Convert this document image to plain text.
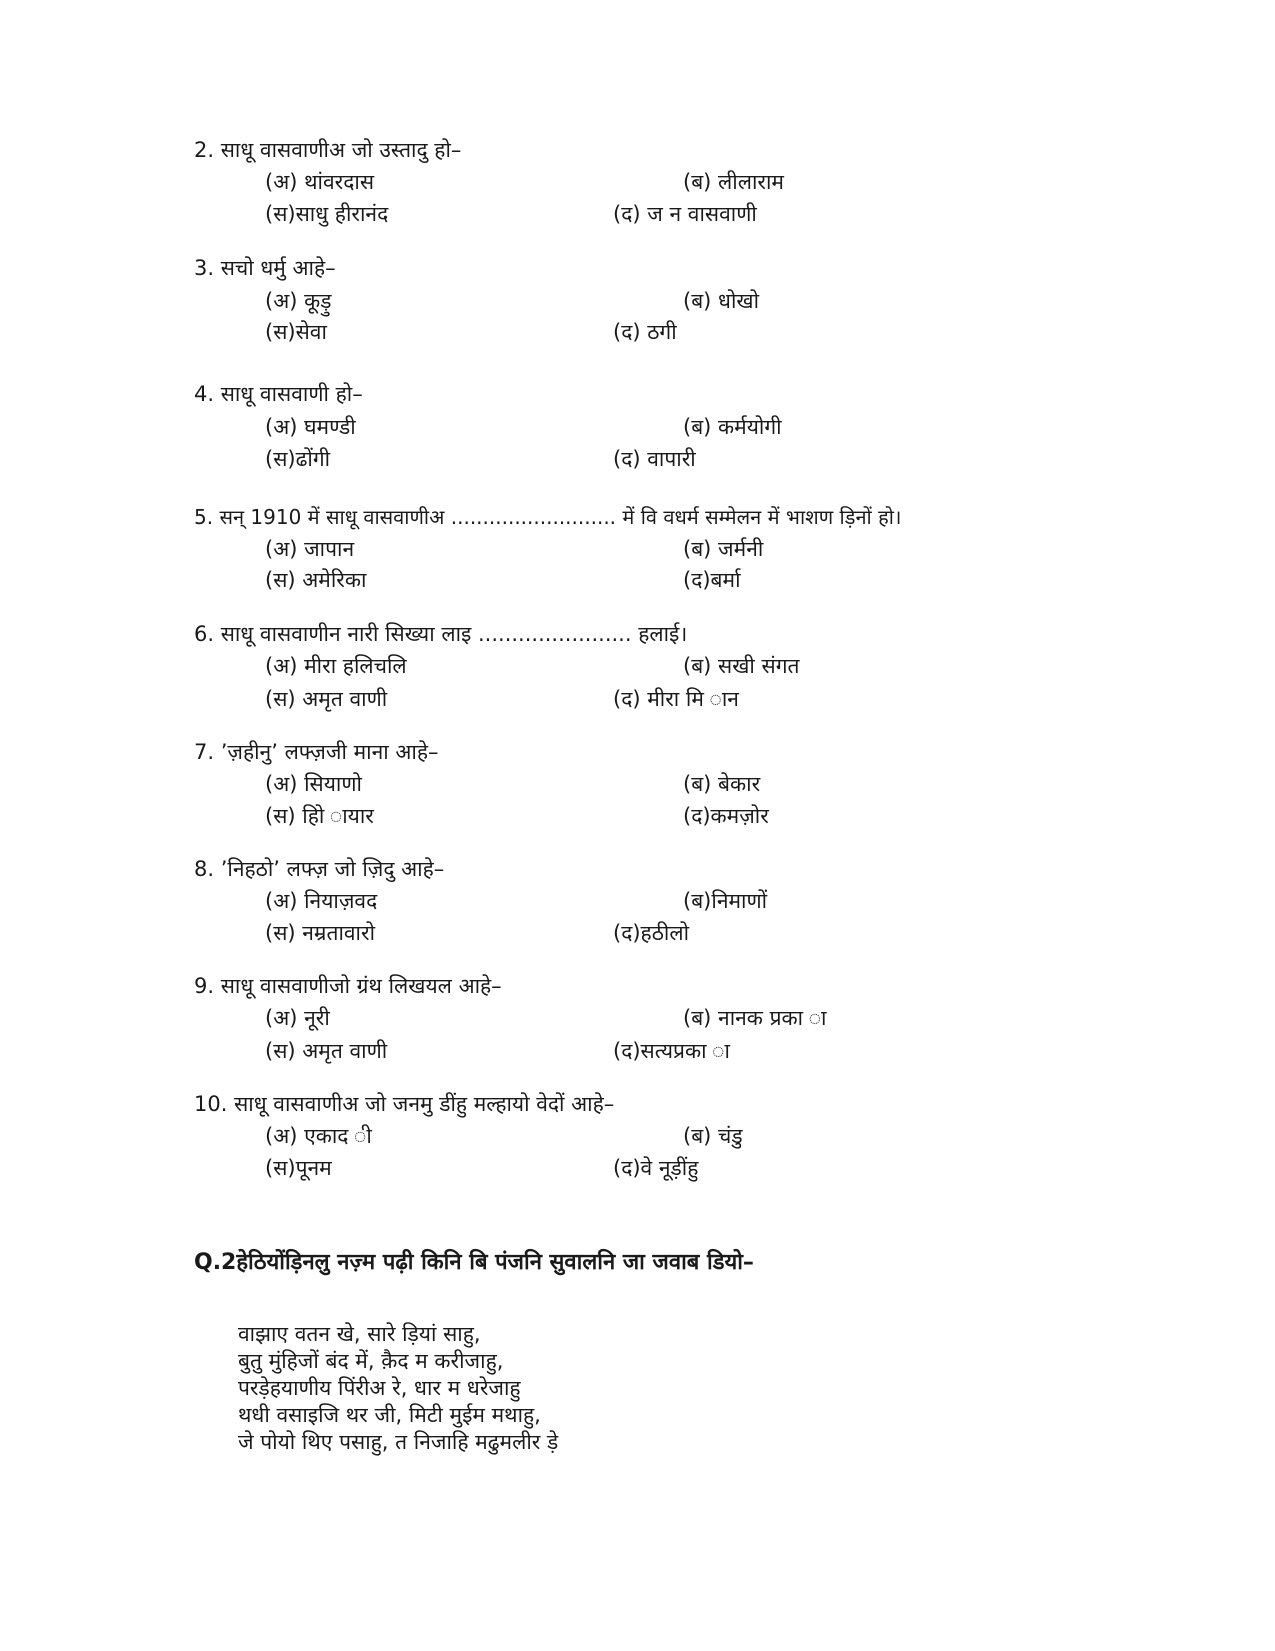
2. साधू वासवाणीअ जो उस्तादु हो–
(अ) थांवरदास	(ब) लीलाराम
(स)साधु हीरानंद	(द) ज न वासवाणी
3. सचो धर्मु आहे–
(अ) कूड़ु	(ब) धोखो
(स)सेवा	(द) ठगी
4. साधू वासवाणी हो–
(अ) घमण्डी	(ब) कर्मयोगी
(स)ढोंगी	(द) वापारी
5. सन् 1910 में साधू वासवाणीअ .......................... में वि वधर्म सम्मेलन में भाशण ड़िनों हो।
(अ) जापान	(ब) जर्मनी
(स) अमेरिका	(द)बर्मा
6. साधू वासवाणीन नारी सिख्या लाइ ....................... हलाई।
(अ) मीरा हलिचलि	(ब) सखी संगत
(स) अमृत वाणी	(द) मीरा मि ान
7. ’ज़हीनु’ लफ्ज़जी माना आहे–
(अ) सियाणो	(ब) बेकार
(स) होि ायार	(द)कमज़ोर
8. ’निहठो’ लफ्ज़ जो ज़िदु आहे–
(अ) नियाज़वद	(ब)निमाणों
(स) नम्रतावारो	(द)हठीलो
9. साधू वासवाणीजो ग्रंथ लिखयल आहे–
(अ) नूरी	(ब) नानक प्रका ा
(स) अमृत वाणी	(द)सत्यप्रका ा
10. साधू वासवाणीअ जो जनमु डींहु मल्हायो वेदों आहे–
(अ) एकाद ी	(ब) चंडु
(स)पूनम	(द)वे नूड़ींहु
Q.2हेठियोंड़िनलु नज़्म पढ़ी किनि बि पंजनि सुवालनि जा जवाब डियो–
वाझाए वतन खे, सारे ड़ियां साहु,
बुतु मुंहिजों बंद में, कै़द म करीजाहु,
परडे़हयाणीय पिंरीअ रे, धार म धरेजाहु
थधी वसाइजि थर जी, मिटी मुईम मथाहु,
जे पोयो थिए पसाहु, त निजाहि मढुमलीर ड़े
